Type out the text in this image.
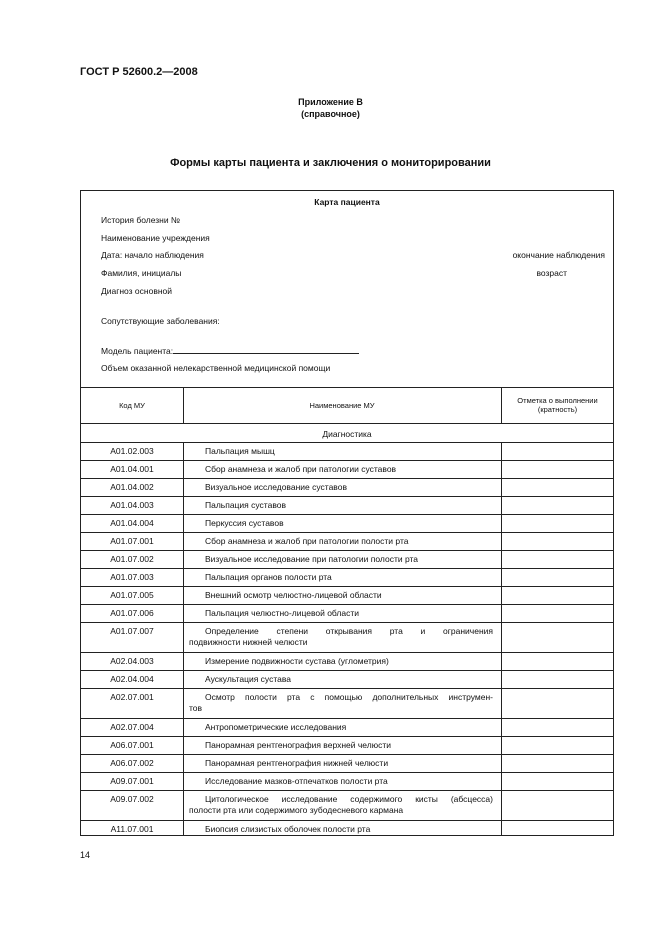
ГОСТ Р 52600.2—2008
Приложение В
(справочное)
Формы карты пациента и заключения о мониторировании
Карта пациента
История болезни №
Наименование учреждения
Дата: начало наблюдения	окончание наблюдения
Фамилия, инициалы	возраст
Диагноз основной
Сопутствующие заболевания:
Модель пациента:
Объем оказанной нелекарственной медицинской помощи
Код МУ	Наименование МУ	Отметка о выполнении (кратность)
Диагностика
A01.02.003	Пальпация мышц
A01.04.001	Сбор анамнеза и жалоб при патологии суставов
A01.04.002	Визуальное исследование суставов
A01.04.003	Пальпация суставов
A01.04.004	Перкуссия суставов
A01.07.001	Сбор анамнеза и жалоб при патологии полости рта
A01.07.002	Визуальное исследование при патологии полости рта
A01.07.003	Пальпация органов полости рта
A01.07.005	Внешний осмотр челюстно-лицевой области
A01.07.006	Пальпация челюстно-лицевой области
A01.07.007	Определение степени открывания рта и ограничения
подвижности нижней челюсти
A02.04.003	Измерение подвижности сустава (углометрия)
A02.04.004	Аускультация сустава
A02.07.001	Осмотр полости рта с помощью дополнительных инструмен-
тов
A02.07.004	Антропометрические исследования
A06.07.001	Панорамная рентгенография верхней челюсти
A06.07.002	Панорамная рентгенография нижней челюсти
A09.07.001	Исследование мазков-отпечатков полости рта
A09.07.002	Цитологическое исследование содержимого кисты (абсцесса)
полости рта или содержимого зубодесневого кармана
A11.07.001	Биопсия слизистых оболочек полости рта
14
